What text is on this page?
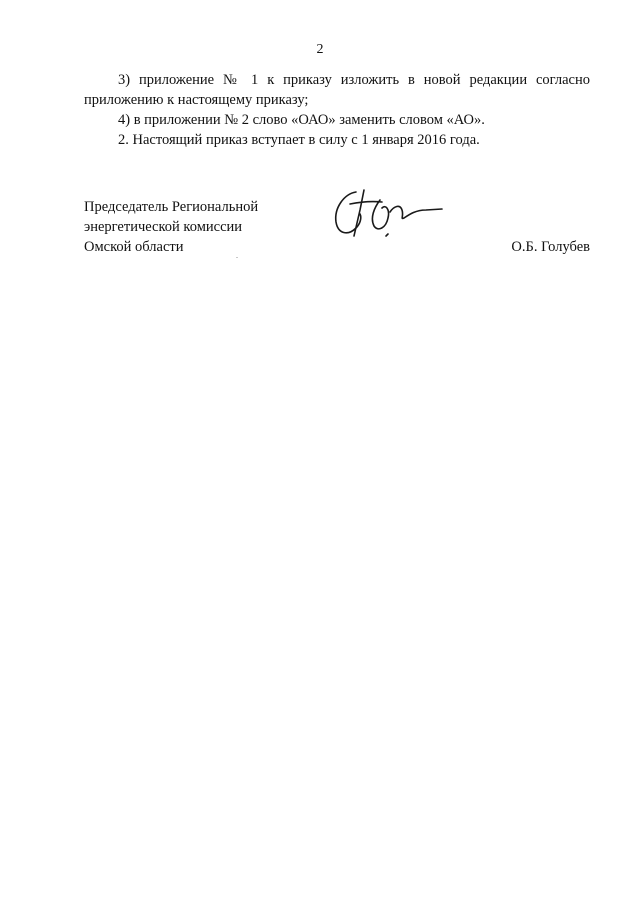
2

3) приложение № 1 к приказу изложить в новой редакции согласно приложению к настоящему приказу;

4) в приложении № 2 слово «ОАО» заменить словом «АО».

2. Настоящий приказ вступает в силу с 1 января 2016 года.

Председатель Региональной
энергетической комиссии
Омской области	О.Б. Голубев
